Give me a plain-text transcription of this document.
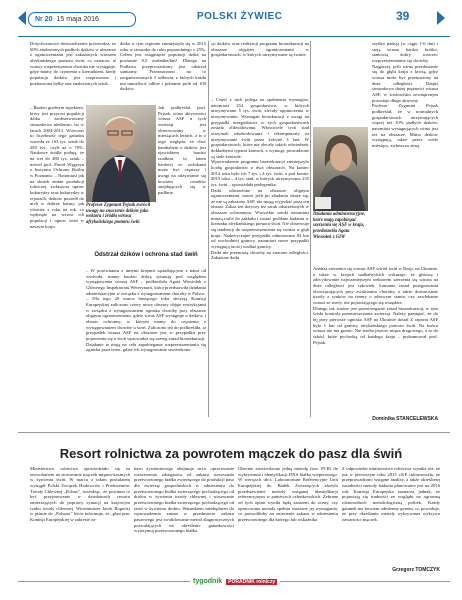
Nr 20 15 maja 2016	POLSKI ŻYWIEC	39

Dotychczasowe doświadczenie potwierdza, że 60% znalezionych padłych dzików w obszarze z ograniczeniami jest zakażonych wirusem afrykańskiego pomoru świń, co oznacza, iż wirusy rozprzestrzenia choroba nie występuje, gdyż mamy do czynienia z kierunkiem, kiedy populacja dzików jest rozproszona i pozbawiona byłby ona znalezionych sztuk.

– Bardzo groźnym aspektem, który jest przyrost populacji dzika zaobserwowany stosunkowo niedawno, bo w latach 2004-2013. Wówczas to liczebność tego gatunku wzrosła ze 163 tys. sztuk do 285 tys., czyli aż o 70%. Naukowe źródła podają, że na wet do 480 tys. sztuk – mówił prof. Paweł Węgrzyn z Instytutu Ochrony Roślin w Poznaniu. – Natomiast jak na skutek zmian produkcji rolniczej, zwłaszcza upraw kukurydzy oraz kukurydzy w rejonach, dzików poszedł do nich w dobrze karmy, jak również z roku na rok, co wpłynęło na wzrost ich populacji i ogniw świń w naszym kraju.

Profesor Zygmunt Pejsak zwrócił uwagę na znaczenie dzików jako wektora i źródła wirusa afrykańskiego pomoru świń

dzika w tym regionie zmniejszyła się w 2015 roku w stosunku do roku poprzedniego o 25%. Celem jest osiągnięcie populacji dzika na poziomie 0,5 osobnika/km². Dlatego na Podlasiu przeprowadzony jest odstrzał sanitarny. Przeznaczono na to zorganizowanych 5 odłowni, z których każda ma umożliwić odłów i pobranie prób od 100 dzików.

Jak podkreślał prof. Pejsak, wirus aktywności wirusa ASF u tych zwierząt jest obserwowany w miesiącach letnich, a to z tego względu, że choć kanibalizm u dzików jest zjawiskiem bardzo rzadkim, to latem bardziej ze zwłokami może być częstszy i uwagi na odżywianie się bowiem owadów znajdujących się w padlinie.

Odstrzał dzików i ochrona stad świń

– W porównaniu z innymi krajami sąsiadującymi z nami od wschodu, mamy bardzo dobrą sytuację pod względem występowania wirusa ASF – podkreślała Agata Wiesiołek z Głównego Inspektoratu Weterynarii, która przedstawiła działania administracyjne w związku z występowaniem choroby w Polsce.

– Dla tego 29 marca bieżącego roku decyzją Komisji Europejskiej zaliczono cztery nowe obszary objęte restrykcjami w związku z występowaniem ogniska choroby przy obszarze objętym ograniczeniami, gdzie wirus ASF występuje u dzików, i obszar ochronny, w którym mamy do czynienia z występowaniem choroby u świń. Zaliczono też do podkreśliła, iż przypadek wirusa ASF na obszarze jest w przypadku przy pojawieniu się u świń wprowadza się szereg zasad bioasekuracji.

Działanie te mają na celu zapobieganie rozprzestrzenianiu się ogniska poza teren, gdzie ich występowanie stwierdzono.

cji dzików oraz realizacji programu bioasekuracji na obszarze objętym ograniczeniami w gospodarstwach, w których utrzymywane są świnie.

– Część z nich polega na spełnieniu wymogów, natomiast 254 gospodarstwa, w których utrzymywano 5 tys. świń, zlecały ograniczenia w utrzymywaniu. Wymagań biosekuracji z uwagi na przypadki niezgodności w tych gospodarstwach została zlikwidowana. Właściciele tych stad otrzymali odszkodowania i rekompensaty za utrzymywanie świń przez kolejne 3 lata. W gospodarstwach, które nie zlecały takich odwiedzeń, dokładnymi typami kontroli, a wymogi, prowadzone są stale kontrole.

Wprowadzenie programu bioasekuracji zmniejszyło liczbę gospodarstw o dwa obszarach. Na koniec 2014 roku było ich 7 tys. i 4 tys. świń, a pod koniec 2015 roku – 4 tys. stad, w których utrzymywano 235 tys. świń – opowiadała prelegentka.

Dziki odstrzelone na obszarze objętym ograniczeniami, nawet jeśli po zbadaniu okaże się, że nie są zakażone ASF, nie mogą wyjechać poza ten obszar. Zakaz ten dotyczy też sztuk odstrzelonych w obszarze ochronnym. Wszystkie sztuki natomiast muszą trafić do zakładu i zostać poddane badaniu w kierunku afrykańskiego pomoru świń. Nie obserwuje się tendencji do rozprzestrzeniania się wirusa w głąb kraju. Nadzwyczajne przypadki odnotowano 83 km od wschodniej granicy, natomiast nowe przypadki występują raczej wzdłuż granicy.

Dziki nie przenoszą choroby na znaczne odległości. Zakażone dziki

Działania administracyjne, które mają zapobiegać szerzeniu się ASF w kraju, przedstawiła Agata Wiesiołek z GIW

szybko padają (w ciągu 1-6 dni) i sieją wirusa bardzo krótko, stanowią dobry wzorzec rozprzestrzeniania się choroby.

Najgorzej, jeśli wirus przedostanie się do głębi kraju z krwią, gdyż wirusa może być przenoszony na duże odległości. Dzięki stosunkowo dużej prężności wirusa ASF, w środowisku zewnętrznym pozostaje długo aktywny.

Profesor Zygmunt Pejsak podkreślał, że w normalnych gospodarstwach utrzymujących więcej niż 10% padłych dzików, natomiast występujących wirus jest też na obszarze. Mimo dzików występują, także przez wiele miesięcy, zwłaszcza zimą.

Analiza szerzenia się wirusa ASF wśród świń w Rosji, na Ukrainie, a także w krajach nadbałtyckich wskazuje, że główną i zdecydowanie najważniejszym wektorem szerzenia się wirusa na duże odległości jest człowiek. Łamanie zasad postępowania obowiązujących przy zwalczaniu choroby, a także dostarczanie trzody z rynków na tereny o zdrowym stanie, czy zawlekanie wirusa ze strefy, nie pojawiającego się wszędzie.

Dlatego tak istotne jest przestrzeganie zasad bioasekuracji, w tym ścisła kontrola przemieszczania zwierząt. Należy pamiętać, że do tej pory pierwsze ognisko ASF na Ukrainie dostał Z raportu ASF było 1 km od granicy afrykańskiego pomoru świń. Na końcu wirusa nie ma granic. Nie trzeba jeszcze mięsa drogowego, a to do szkód, które pochodzą od każdego kraju – podsumował prof. Pejsak.

Dominika STANCELEWSKA
Resort rolnictwa za powrotem mączek do pasz dla świń

Ministerstwo rolnictwa opowiedziało się za zezwoleniem na stosowanie mączek mięsno-kostnych w żywieniu świń. W marcu z takim postulatem wystąpił Polski Związek Hodowców i Producentów Trzody Chlewnej „Polsus”, twierdząc, że powinno to być przyjmowanie w dziedzinach resortu zmierzających do poprawy sytuacji na krajowym rynku trzody chlewnej. Wiceminister Jacek Bogucki w piśmie do „Polsusu” liście informuje, że „plan prac Komisji Europejskiej w zakresie za-

kazu żywieniowego obejmuje m.in. opracowanie rozszerzenia odstępstwa od zakazu stosowania przetworzonego białka zwierzęcego do produkcji pasz dla zwierząt gospodarskich w odniesieniu do przetworzonego białka zwierzęcego pochodzącego od drobiu w żywieniu trzody chlewnej i stosowanie przetworzonego białka zwierzęcego pochodzącego od świń w żywieniu drobiu. Warunkiem niezbędnym do wprowadzenia zmian w przedmiocie zakazu paszowego jest zwalidowanie metod diagnostycznych pozwalających na określenie gatunkowości wytrzymuj przetworzonego białka.

Obecnie zatwierdzono jedną metodę (tzw. PCR) do wykrywania i identyfikacji DNA białka wieprzowego. W wersjach ułr.z. Laboratorium Referencyjne Unii Europejskiej ds. Białek Zwierzęcych złożyło przedstawienie metody wstępnej identyfikacji referencyjnym w państwach członkowskich. Zebrane od tych opinii wyniki będą zarazem do oceny, czy opracowana metoda spełnia stawiane jej wymagania, co pozwoliłoby na zniesienie zakazu w odniesieniu przetworzonego dla którego lub wskaźnika

Z odpowiedzi ministerstwa rolnictwa wynika też, że już w pierwszym roku 2015 r.KE informowała, że przeprowadzono wstępne analizy, a także określonej zasadności metody badania planowanie jest na 2016 rok. Komisja Europejska zaznacza jednak, że pojawiają się trudności ze względu na ogromną różnorodność metodologiczną próbek. Każdy gatunek ma bowiem odmienny genom, co powoduje, że przy określaniu metody wykrywania wykrywa zawartości mączek.

Grzegorz TOMCZYK
tygodnik	PORADNIK rolniczy
